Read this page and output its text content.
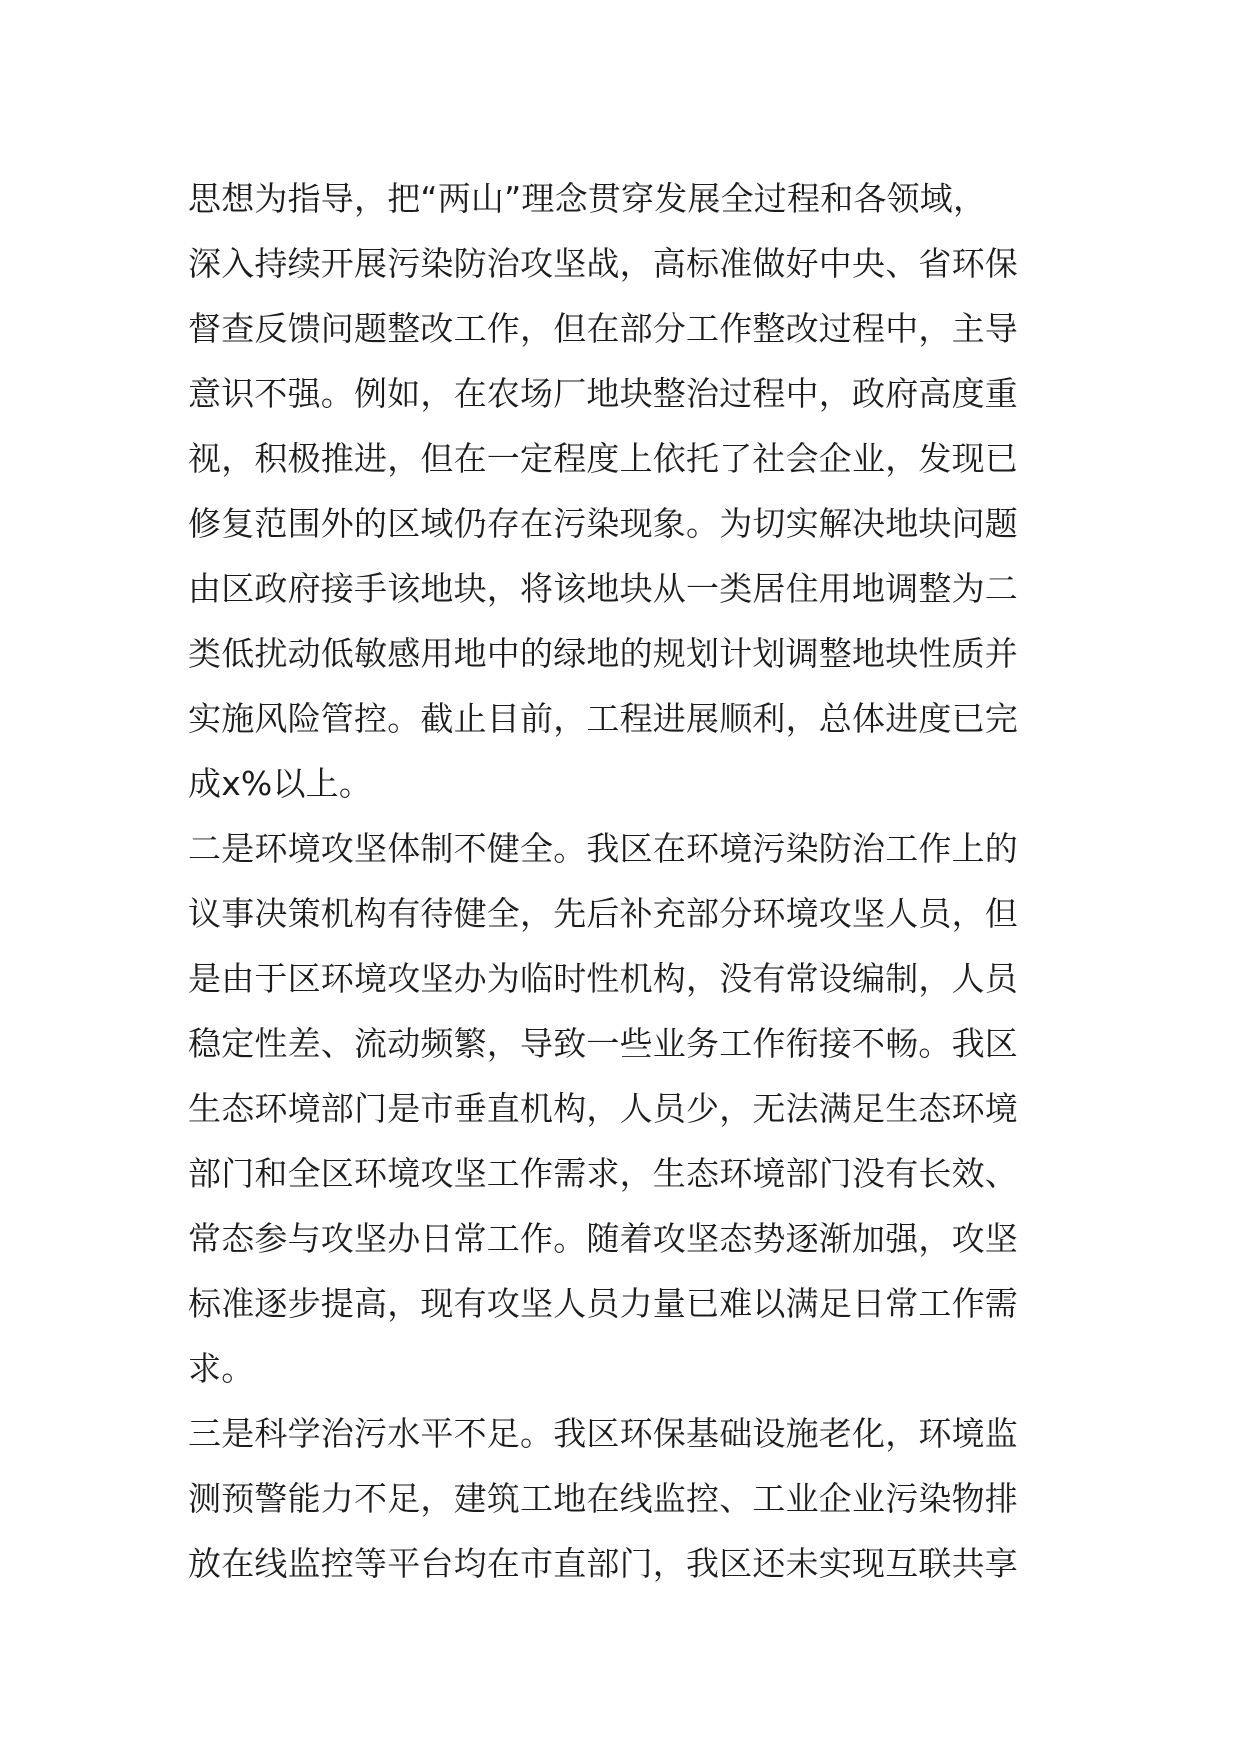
思想为指导，把“两山”理念贯穿发展全过程和各领域，
深入持续开展污染防治攻坚战，高标准做好中央、省环保
督查反馈问题整改工作，但在部分工作整改过程中，主导
意识不强。例如，在农场厂地块整治过程中，政府高度重
视，积极推进，但在一定程度上依托了社会企业，发现已
修复范围外的区域仍存在污染现象。为切实解决地块问题
由区政府接手该地块，将该地块从一类居住用地调整为二
类低扰动低敏感用地中的绿地的规划计划调整地块性质并
实施风险管控。截止目前，工程进展顺利，总体进度已完
成x%以上。
二是环境攻坚体制不健全。我区在环境污染防治工作上的
议事决策机构有待健全，先后补充部分环境攻坚人员，但
是由于区环境攻坚办为临时性机构，没有常设编制，人员
稳定性差、流动频繁，导致一些业务工作衔接不畅。我区
生态环境部门是市垂直机构，人员少，无法满足生态环境
部门和全区环境攻坚工作需求，生态环境部门没有长效、
常态参与攻坚办日常工作。随着攻坚态势逐渐加强，攻坚
标准逐步提高，现有攻坚人员力量已难以满足日常工作需
求。
三是科学治污水平不足。我区环保基础设施老化，环境监
测预警能力不足，建筑工地在线监控、工业企业污染物排
放在线监控等平台均在市直部门，我区还未实现互联共享
